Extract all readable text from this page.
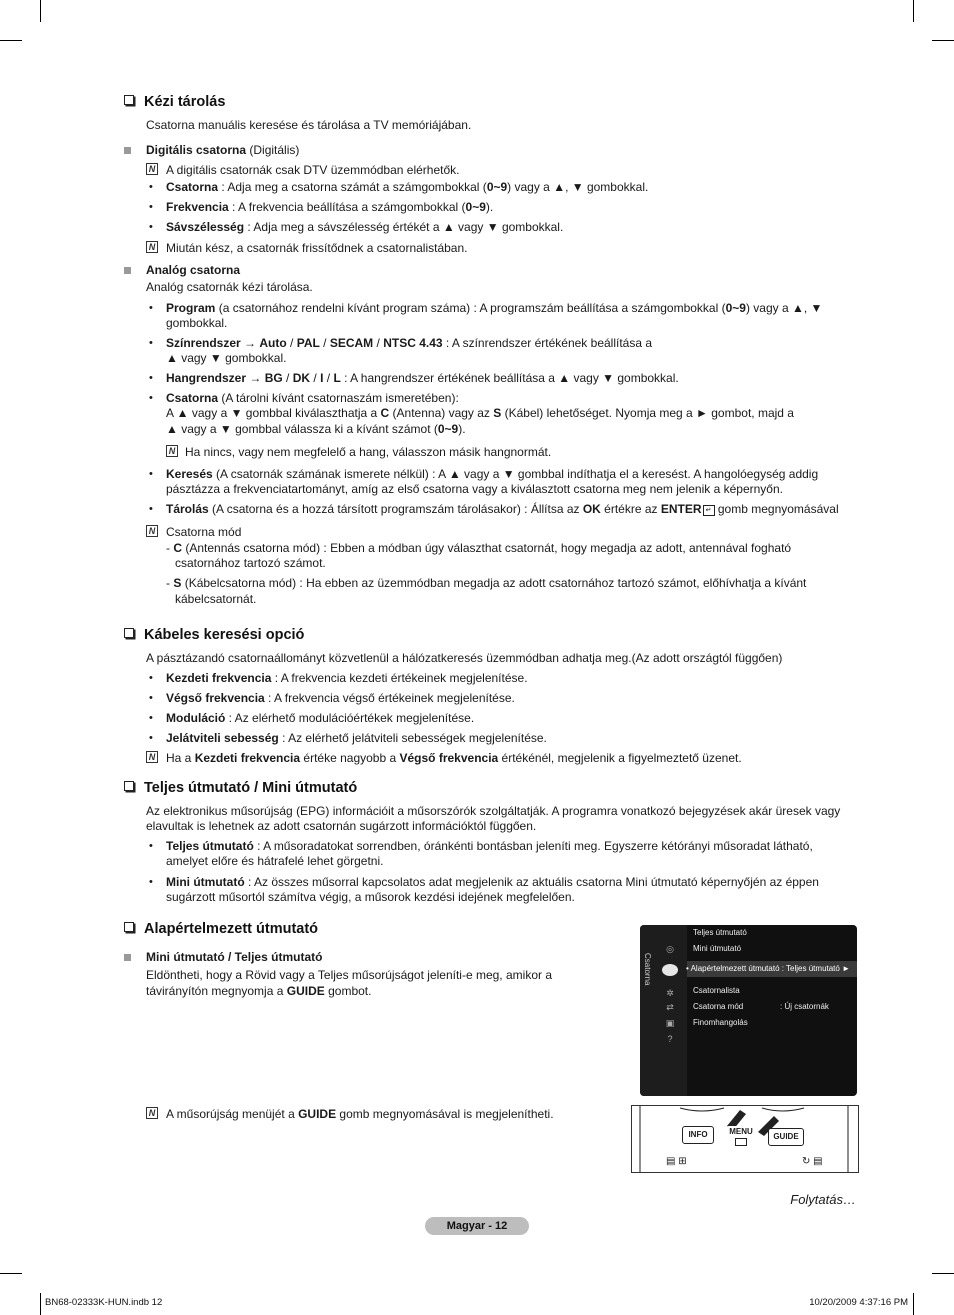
Kézi tárolás
Csatorna manuális keresése és tárolása a TV memóriájában.
Digitális csatorna (Digitális)
N A digitális csatornák csak DTV üzemmódban elérhetők.
• Csatorna : Adja meg a csatorna számát a számgombokkal (0~9) vagy a ▲, ▼ gombokkal.
• Frekvencia : A frekvencia beállítása a számgombokkal (0~9).
• Sávszélesség : Adja meg a sávszélesség értékét a ▲ vagy ▼ gombokkal.
N Miután kész, a csatornák frissítődnek a csatornalistában.
Analóg csatorna
Analóg csatornák kézi tárolása.
• Program (a csatornához rendelni kívánt program száma) : A programszám beállítása a számgombokkal (0~9) vagy a ▲, ▼
gombokkal.
• Színrendszer → Auto / PAL / SECAM / NTSC 4.43 : A színrendszer értékének beállítása a
▲ vagy ▼ gombokkal.
• Hangrendszer → BG / DK / I / L : A hangrendszer értékének beállítása a ▲ vagy ▼ gombokkal.
• Csatorna (A tárolni kívánt csatornaszám ismeretében):
A ▲ vagy a ▼ gombbal kiválaszthatja a C (Antenna) vagy az S (Kábel) lehetőséget. Nyomja meg a ► gombot, majd a
▲ vagy a ▼ gombbal válassza ki a kívánt számot (0~9).
N Ha nincs, vagy nem megfelelő a hang, válasszon másik hangnormát.
• Keresés (A csatornák számának ismerete nélkül) : A ▲ vagy a ▼ gombbal indíthatja el a keresést. A hangolóegység addig
pásztázza a frekvenciatartományt, amíg az első csatorna vagy a kiválasztott csatorna meg nem jelenik a képernyőn.
• Tárolás (A csatorna és a hozzá társított programszám tárolásakor) : Állítsa az OK értékre az ENTER ↵ gomb megnyomásával
N Csatorna mód
- C (Antennás csatorna mód) : Ebben a módban úgy választhat csatornát, hogy megadja az adott, antennával fogható
csatornához tartozó számot.
- S (Kábelcsatorna mód) : Ha ebben az üzemmódban megadja az adott csatornához tartozó számot, előhívhatja a kívánt
kábelcsatornát.
Kábeles keresési opció
A pásztázandó csatornaállományt közvetlenül a hálózatkeresés üzemmódban adhatja meg.(Az adott országtól függően)
• Kezdeti frekvencia : A frekvencia kezdeti értékeinek megjelenítése.
• Végső frekvencia : A frekvencia végső értékeinek megjelenítése.
• Moduláció : Az elérhető modulációértékek megjelenítése.
• Jelátviteli sebesség : Az elérhető jelátviteli sebességek megjelenítése.
N Ha a Kezdeti frekvencia értéke nagyobb a Végső frekvencia értékénél, megjelenik a figyelmeztető üzenet.
Teljes útmutató / Mini útmutató
Az elektronikus műsorújság (EPG) információit a műsorszórók szolgáltatják. A programra vonatkozó bejegyzések akár üresek vagy
elavultak is lehetnek az adott csatornán sugárzott információktól függően.
• Teljes útmutató : A műsoradatokat sorrendben, óránkénti bontásban jeleníti meg. Egyszerre kétórányi műsoradat látható,
amelyet előre és hátrafelé lehet görgetni.
• Mini útmutató : Az összes műsorral kapcsolatos adat megjelenik az aktuális csatorna Mini útmutató képernyőjén az éppen
sugárzott műsortól számítva végig, a műsorok kezdési idejének megfelelően.
Alapértelmezett útmutató
Mini útmutató / Teljes útmutató
Eldöntheti, hogy a Rövid vagy a Teljes műsorújságot jeleníti-e meg, amikor a
távirányítón megnyomja a GUIDE gombot.
Csatorna
◎
✲
⇄
▣
?
Teljes útmutató
Mini útmutató
• Alapértelmezett útmutató : Teljes útmutató ►
Csatornalista
Csatorna mód	: Új csatornák
Finomhangolás
N A műsorújság menüjét a GUIDE gomb megnyomásával is megjelenítheti.
INFO	MENU

GUIDE
▤ ⊞	↻ ▤
Folytatás…
Magyar - 12
BN68-02333K-HUN.indb 12	10/20/2009 4:37:16 PM
